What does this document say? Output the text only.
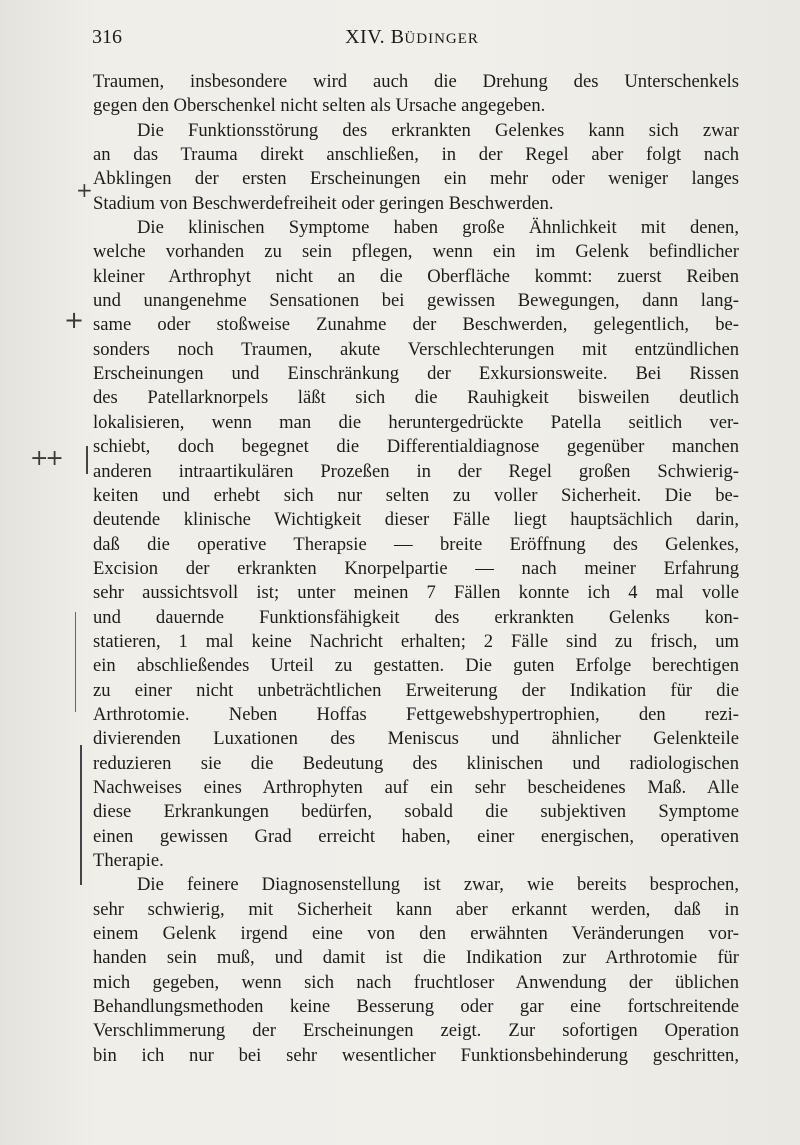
316	XIV. BÜDINGER
Traumen, insbesondere wird auch die Drehung des Unterschenkels
gegen den Oberschenkel nicht selten als Ursache angegeben.
Die Funktionsstörung des erkrankten Gelenkes kann sich zwar
an das Trauma direkt anschließen, in der Regel aber folgt nach
Abklingen der ersten Erscheinungen ein mehr oder weniger langes
Stadium von Beschwerdefreiheit oder geringen Beschwerden.
Die klinischen Symptome haben große Ähnlichkeit mit denen,
welche vorhanden zu sein pflegen, wenn ein im Gelenk befindlicher
kleiner Arthrophyt nicht an die Oberfläche kommt: zuerst Reiben
und unangenehme Sensationen bei gewissen Bewegungen, dann lang-
same oder stoßweise Zunahme der Beschwerden, gelegentlich, be-
sonders noch Traumen, akute Verschlechterungen mit entzündlichen
Erscheinungen und Einschränkung der Exkursionsweite. Bei Rissen
des Patellarknorpels läßt sich die Rauhigkeit bisweilen deutlich
lokalisieren, wenn man die heruntergedrückte Patella seitlich ver-
schiebt, doch begegnet die Differentialdiagnose gegenüber manchen
anderen intraartikulären Prozeßen in der Regel großen Schwierig-
keiten und erhebt sich nur selten zu voller Sicherheit. Die be-
deutende klinische Wichtigkeit dieser Fälle liegt hauptsächlich darin,
daß die operative Therapsie — breite Eröffnung des Gelenkes,
Excision der erkrankten Knorpelpartie — nach meiner Erfahrung
sehr aussichtsvoll ist; unter meinen 7 Fällen konnte ich 4 mal volle
und dauernde Funktionsfähigkeit des erkrankten Gelenks kon-
statieren, 1 mal keine Nachricht erhalten; 2 Fälle sind zu frisch, um
ein abschließendes Urteil zu gestatten. Die guten Erfolge berechtigen
zu einer nicht unbeträchtlichen Erweiterung der Indikation für die
Arthrotomie. Neben Hoffas Fettgewebshypertrophien, den rezi-
divierenden Luxationen des Meniscus und ähnlicher Gelenkteile
reduzieren sie die Bedeutung des klinischen und radiologischen
Nachweises eines Arthrophyten auf ein sehr bescheidenes Maß. Alle
diese Erkrankungen bedürfen, sobald die subjektiven Symptome
einen gewissen Grad erreicht haben, einer energischen, operativen
Therapie.
Die feinere Diagnosenstellung ist zwar, wie bereits besprochen,
sehr schwierig, mit Sicherheit kann aber erkannt werden, daß in
einem Gelenk irgend eine von den erwähnten Veränderungen vor-
handen sein muß, und damit ist die Indikation zur Arthrotomie für
mich gegeben, wenn sich nach fruchtloser Anwendung der üblichen
Behandlungsmethoden keine Besserung oder gar eine fortschreitende
Verschlimmerung der Erscheinungen zeigt. Zur sofortigen Operation
bin ich nur bei sehr wesentlicher Funktionsbehinderung geschritten,
+
+
++
